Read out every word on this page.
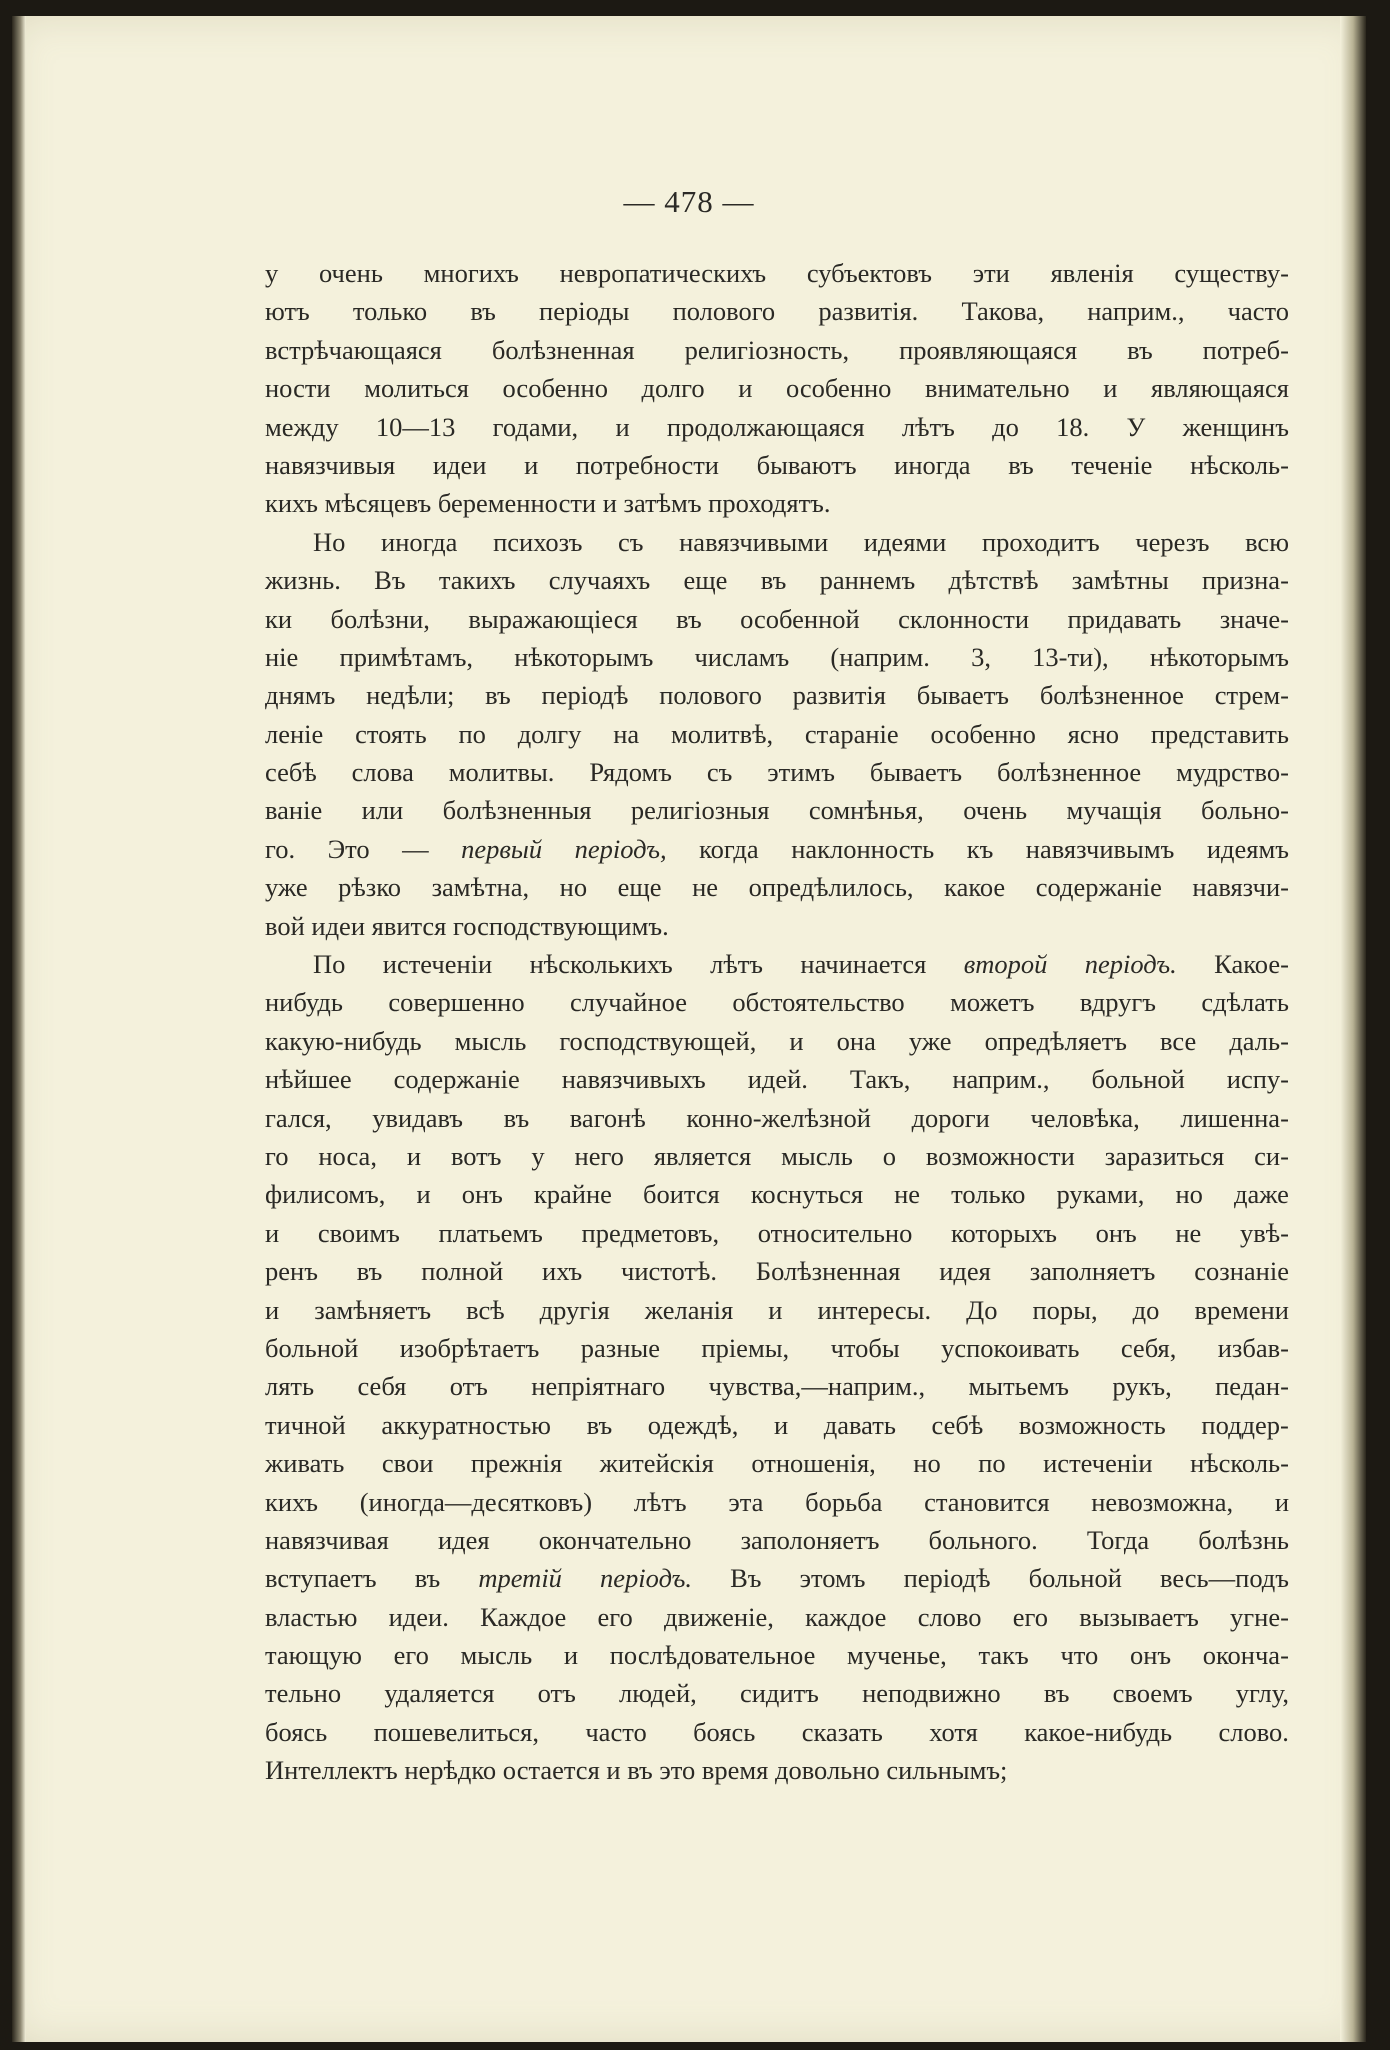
— 478 —
у очень многихъ невропатическихъ субъектовъ эти явленія существу-
ютъ только въ періоды полового развитія. Такова, наприм., часто
встрѣчающаяся болѣзненная религіозность, проявляющаяся въ потреб-
ности молиться особенно долго и особенно внимательно и являющаяся
между 10—13 годами, и продолжающаяся лѣтъ до 18. У женщинъ
навязчивыя идеи и потребности бываютъ иногда въ теченіе нѣсколь-
кихъ
мѣсяцевъ
беременности
и
затѣмъ
проходятъ.
Но иногда психозъ съ навязчивыми идеями проходитъ черезъ всю
жизнь. Въ такихъ случаяхъ еще въ раннемъ дѣтствѣ замѣтны призна-
ки болѣзни, выражающіеся въ особенной склонности придавать значе-
ніе примѣтамъ, нѣкоторымъ числамъ (наприм. 3, 13-ти), нѣкоторымъ
днямъ недѣли; въ періодѣ полового развитія бываетъ болѣзненное стрем-
леніе стоять по долгу на молитвѣ, стараніе особенно ясно представить
себѣ слова молитвы. Рядомъ съ этимъ бываетъ болѣзненное мудрство-
ваніе или болѣзненныя религіозныя сомнѣнья, очень мучащія больно-
го. Это — первый періодъ, когда наклонность къ навязчивымъ идеямъ
уже рѣзко замѣтна, но еще не опредѣлилось, какое содержаніе навязчи-
вой
идеи
явится
господствующимъ.
По истеченіи нѣсколькихъ лѣтъ начинается второй періодъ. Какое-
нибудь совершенно случайное обстоятельство можетъ вдругъ сдѣлать
какую-нибудь мысль господствующей, и она уже опредѣляетъ все даль-
нѣйшее содержаніе навязчивыхъ идей. Такъ, наприм., больной испу-
гался, увидавъ въ вагонѣ конно-желѣзной дороги человѣка, лишенна-
го носа, и вотъ у него является мысль о возможности заразиться си-
филисомъ, и онъ крайне боится коснуться не только руками, но даже
и своимъ платьемъ предметовъ, относительно которыхъ онъ не увѣ-
ренъ въ полной ихъ чистотѣ. Болѣзненная идея заполняетъ сознаніе
и замѣняетъ всѣ другія желанія и интересы. До поры, до времени
больной изобрѣтаетъ разные пріемы, чтобы успокоивать себя, избав-
лять себя отъ непріятнаго чувства,—наприм., мытьемъ рукъ, педан-
тичной аккуратностью въ одеждѣ, и давать себѣ возможность поддер-
живать свои прежнія житейскія отношенія, но по истеченіи нѣсколь-
кихъ (иногда—десятковъ) лѣтъ эта борьба становится невозможна, и
навязчивая идея окончательно заполоняетъ больного. Тогда болѣзнь
вступаетъ въ третій періодъ. Въ этомъ періодѣ больной весь—подъ
властью идеи. Каждое его движеніе, каждое слово его вызываетъ угне-
тающую его мысль и послѣдовательное мученье, такъ что онъ оконча-
тельно удаляется отъ людей, сидитъ неподвижно въ своемъ углу,
боясь пошевелиться, часто боясь сказать хотя какое-нибудь слово.
Интеллектъ
нерѣдко
остается
и
въ
это
время
довольно
сильнымъ;
